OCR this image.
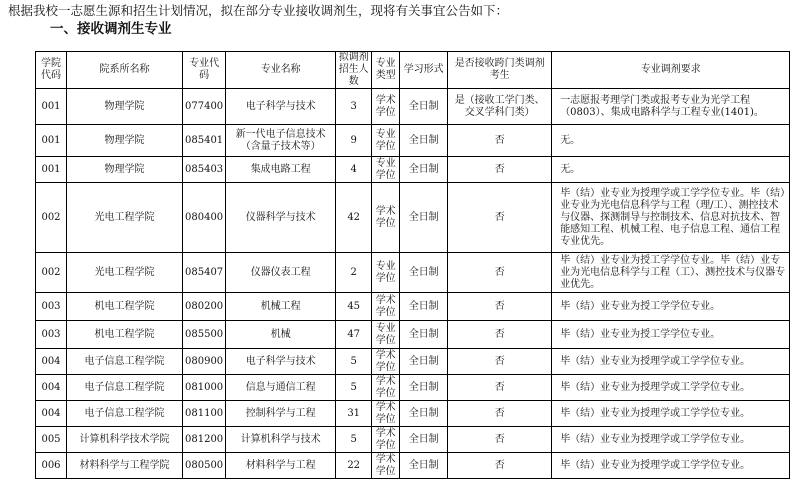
根据我校一志愿生源和招生计划情况，拟在部分专业接收调剂生，现将有关事宜公告如下：
一、接收调剂生专业
学院代码	院系所名称	专业代码	专业名称	拟调剂招生人数	专业类型	学习形式	是否接收跨门类调剂考生	专业调剂要求
001	物理学院	077400	电子科学与技术	3	学术学位	全日制	是（接收工学门类、交叉学科门类）	一志愿报考理学门类或报考专业为光学工程（0803）、集成电路科学与工程专业(1401)。
001	物理学院	085401	新一代电子信息技术（含量子技术等）	9	专业学位	全日制	否	无。
001	物理学院	085403	集成电路工程	4	专业学位	全日制	否	无。
002	光电工程学院	080400	仪器科学与技术	42	学术学位	全日制	否	毕（结）业专业为授理学或工学学位专业。毕（结）业专业为光电信息科学与工程（理/工）、测控技术与仪器、探测制导与控制技术、信息对抗技术、智能感知工程、机械工程、电子信息工程、通信工程专业优先。
002	光电工程学院	085407	仪器仪表工程	2	专业学位	全日制	否	毕（结）业专业为授工学学位专业。毕（结）业专业为光电信息科学与工程（工）、测控技术与仪器专业优先。
003	机电工程学院	080200	机械工程	45	学术学位	全日制	否	毕（结）业专业为授工学学位专业。
003	机电工程学院	085500	机械	47	专业学位	全日制	否	毕（结）业专业为授工学学位专业。
004	电子信息工程学院	080900	电子科学与技术	5	学术学位	全日制	否	毕（结）业专业为授理学或工学学位专业。
004	电子信息工程学院	081000	信息与通信工程	5	学术学位	全日制	否	毕（结）业专业为授理学或工学学位专业。
004	电子信息工程学院	081100	控制科学与工程	31	学术学位	全日制	否	毕（结）业专业为授理学或工学学位专业。
005	计算机科学技术学院	081200	计算机科学与技术	5	学术学位	全日制	否	毕（结）业专业为授理学或工学学位专业。
006	材料科学与工程学院	080500	材料科学与工程	22	学术学位	全日制	否	毕（结）业专业为授理学或工学学位专业。
